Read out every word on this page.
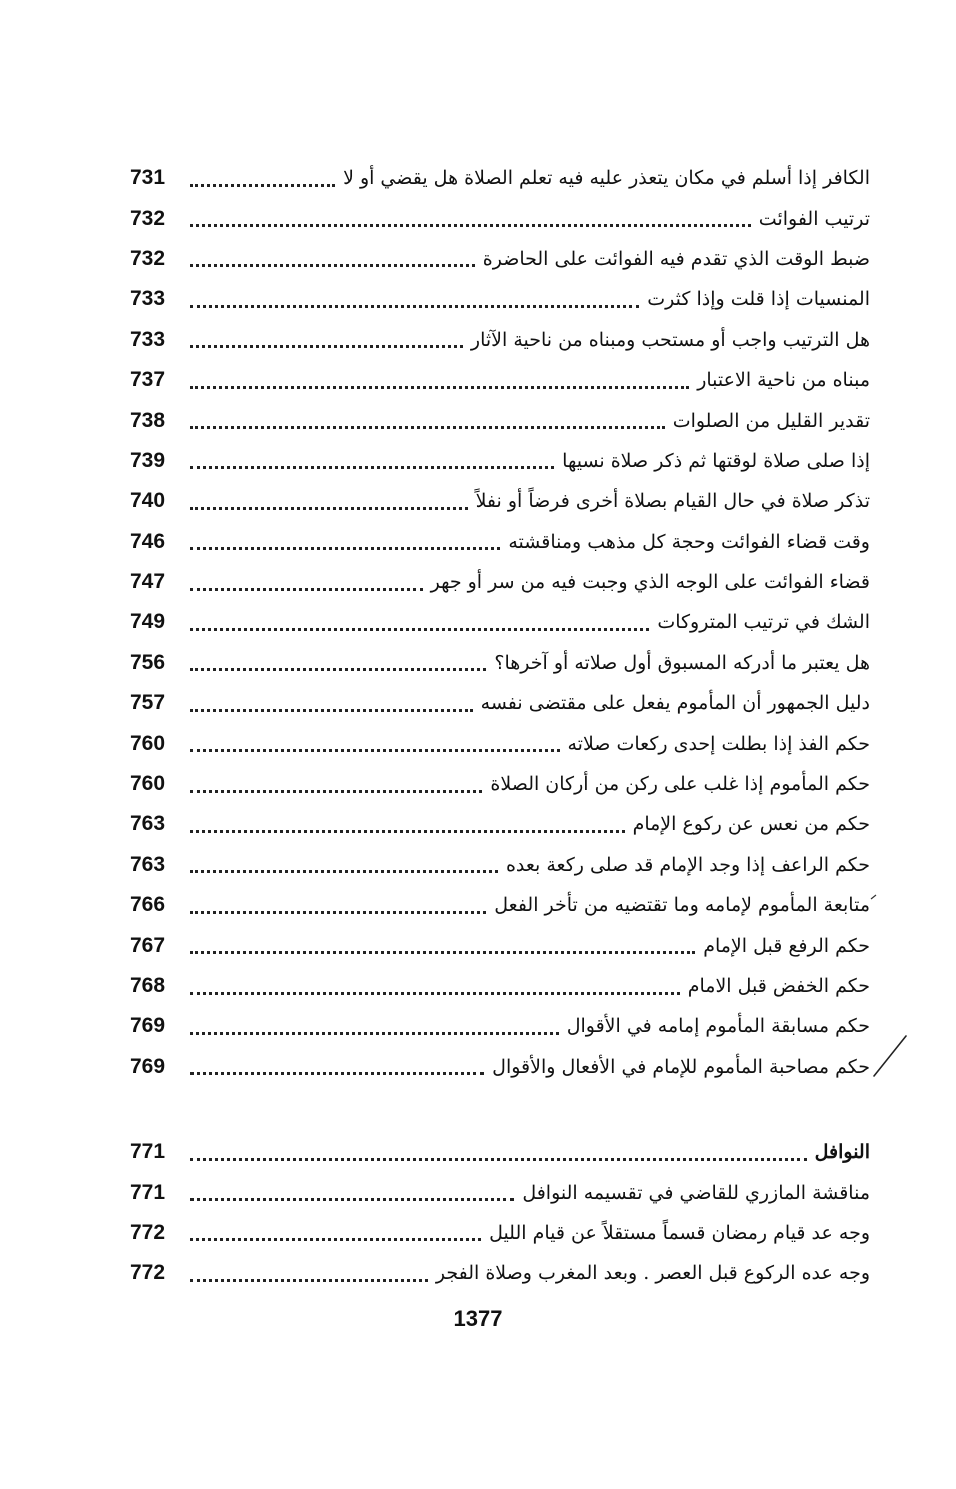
731	الكافر إذا أسلم في مكان يتعذر عليه فيه تعلم الصلاة هل يقضي أو لا
732	ترتيب الفوائت
732	ضبط الوقت الذي تقدم فيه الفوائت على الحاضرة
733	المنسيات إذا قلت وإذا كثرت
733	هل الترتيب واجب أو مستحب ومبناه من ناحية الآثار
737	مبناه من ناحية الاعتبار
738	تقدير القليل من الصلوات
739	إذا صلى صلاة لوقتها ثم ذكر صلاة نسيها
740	تذكر صلاة في حال القيام بصلاة أخرى فرضاً أو نفلاً
746	وقت قضاء الفوائت وحجة كل مذهب ومناقشته
747	قضاء الفوائت على الوجه الذي وجبت فيه من سر أو جهر
749	الشك في ترتيب المتروكات
756	هل يعتبر ما أدركه المسبوق أول صلاته أو آخرها؟
757	دليل الجمهور أن المأموم يفعل على مقتضى نفسه
760	حكم الفذ إذا بطلت إحدى ركعات صلاته
760	حكم المأموم إذا غلب على ركن من أركان الصلاة
763	حكم من نعس عن ركوع الإمام
763	حكم الراعف إذا وجد الإمام قد صلى ركعة بعده
766	متابعة المأموم لإمامه وما تقتضيه من تأخر الفعل
767	حكم الرفع قبل الإمام
768	حكم الخفض قبل الامام
769	حكم مسابقة المأموم إمامه في الأقوال
769	حكم مصاحبة المأموم للإمام في الأفعال والأقوال
771	النوافل
771	مناقشة المازري للقاضي في تقسيمه النوافل
772	وجه عد قيام رمضان قسماً مستقلاً عن قيام الليل
772	وجه عده الركوع قبل العصر . وبعد المغرب وصلاة الفجر
1377
